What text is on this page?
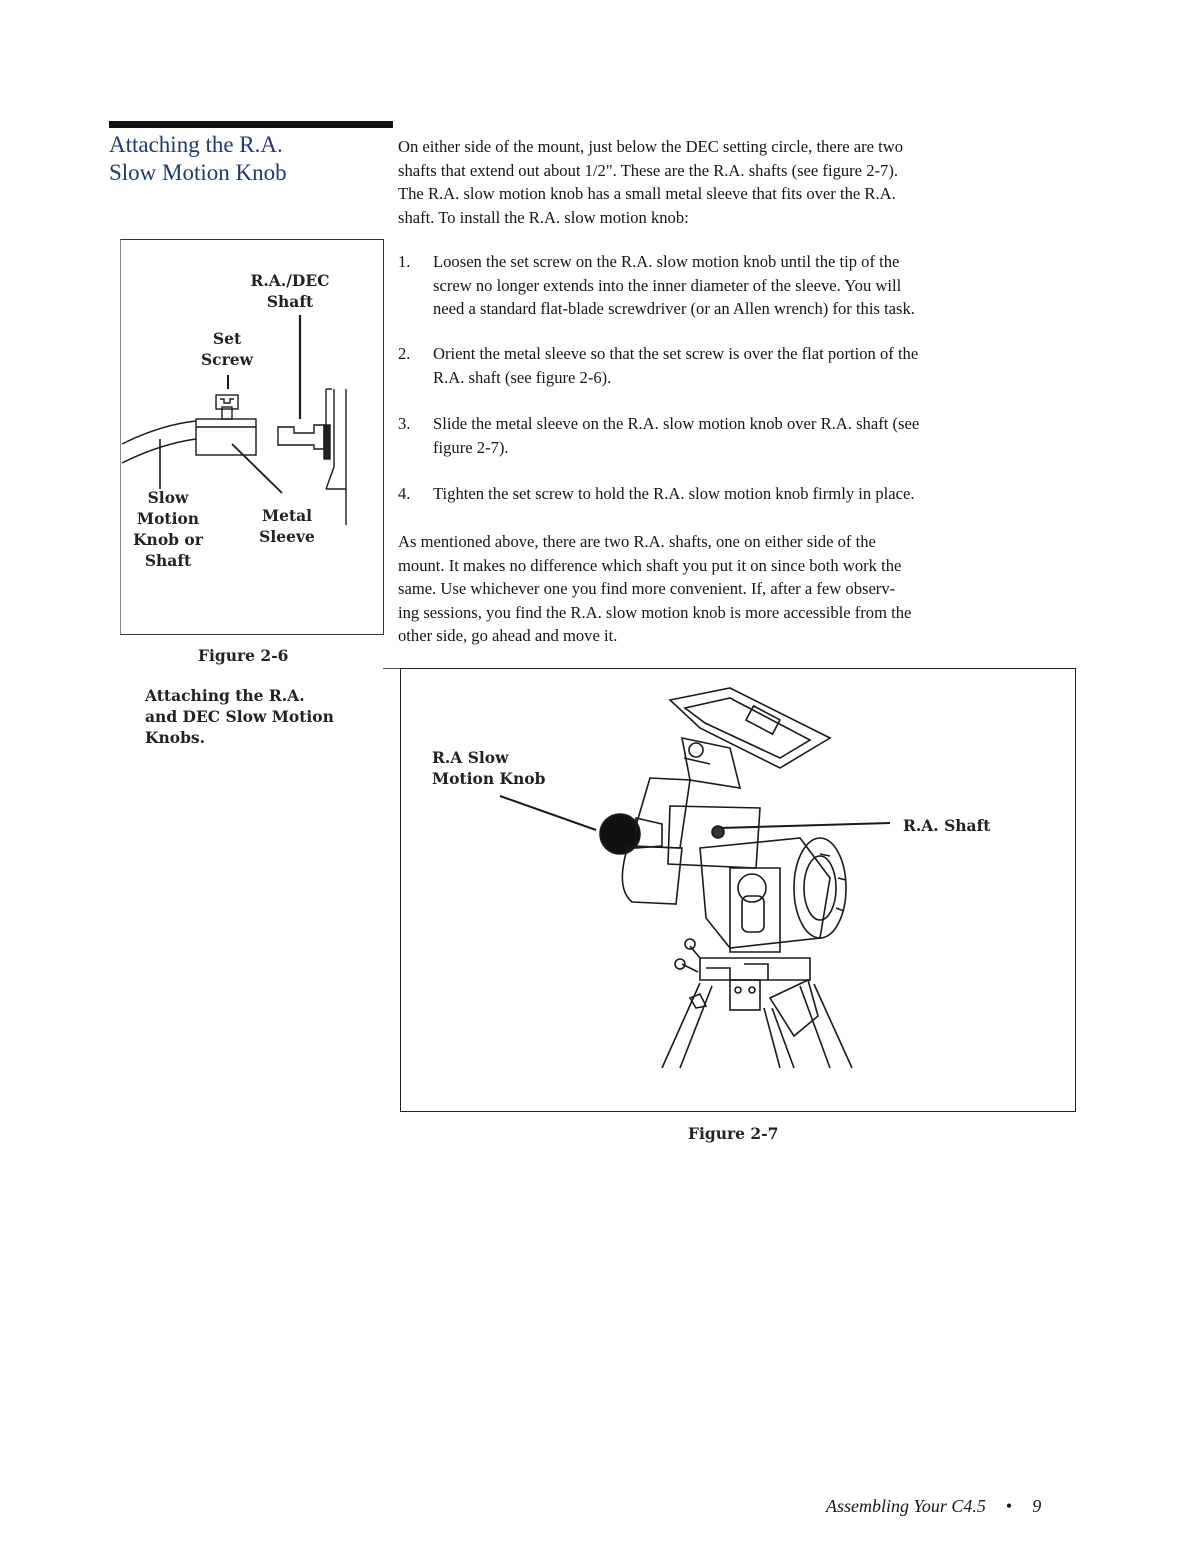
Attaching the R.A.
Slow Motion Knob
On either side of the mount, just below the DEC setting circle, there are two
shafts that extend out about 1/2". These are the R.A. shafts (see figure 2-7).
The R.A. slow motion knob has a small metal sleeve that fits over the R.A.
shaft. To install the R.A. slow motion knob:
1.	Loosen the set screw on the R.A. slow motion knob until the tip of the
screw no longer extends into the inner diameter of the sleeve. You will
need a standard flat-blade screwdriver (or an Allen wrench) for this task.
2.	Orient the metal sleeve so that the set screw is over the flat portion of the
R.A. shaft (see figure 2-6).
3.	Slide the metal sleeve on the R.A. slow motion knob over R.A. shaft (see
figure 2-7).
4.	Tighten the set screw to hold the R.A. slow motion knob firmly in place.
As mentioned above, there are two R.A. shafts, one on either side of the
mount. It makes no difference which shaft you put it on since both work the
same. Use whichever one you find more convenient. If, after a few observ-
ing sessions, you find the R.A. slow motion knob is more accessible from the
other side, go ahead and move it.
R.A./DEC
Shaft
Set
Screw
Slow
Motion
Knob or
Shaft
Metal
Sleeve
Figure 2-6
Attaching the R.A.
and DEC Slow Motion
Knobs.
R.A Slow
Motion Knob
R.A. Shaft
Figure 2-7
Assembling Your C4.5 • 9
